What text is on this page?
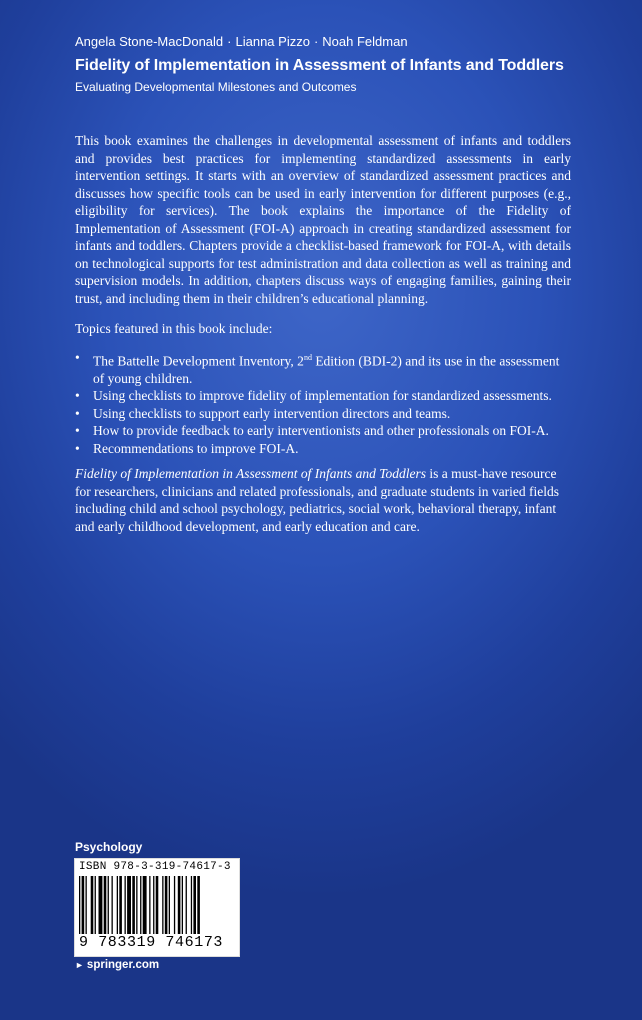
Angela Stone-MacDonald · Lianna Pizzo · Noah Feldman

Fidelity of Implementation in Assessment of Infants and Toddlers

Evaluating Developmental Milestones and Outcomes

This book examines the challenges in developmental assessment of infants and toddlers and provides best practices for implementing standardized assessments in early intervention settings. It starts with an overview of standardized assessment practices and discusses how specific tools can be used in early intervention for different purposes (e.g., eligibility for services). The book explains the importance of the Fidelity of Implementation of Assessment (FOI-A) approach in creating standardized assessment for infants and toddlers. Chapters provide a checklist-based framework for FOI-A, with details on technological supports for test administration and data collection as well as training and supervision models. In addition, chapters discuss ways of engaging families, gaining their trust, and including them in their children’s educational planning.

Topics featured in this book include:

• The Battelle Development Inventory, 2nd Edition (BDI-2) and its use in the assessment of young children.
• Using checklists to improve fidelity of implementation for standardized assessments.
• Using checklists to support early intervention directors and teams.
• How to provide feedback to early interventionists and other professionals on FOI-A.
• Recommendations to improve FOI-A.

Fidelity of Implementation in Assessment of Infants and Toddlers is a must-have resource for researchers, clinicians and related professionals, and graduate students in varied fields including child and school psychology, pediatrics, social work, behavioral therapy, infant and early childhood development, and early education and care.

Psychology
ISBN 978-3-319-74617-3
9 783319 746173
► springer.com
